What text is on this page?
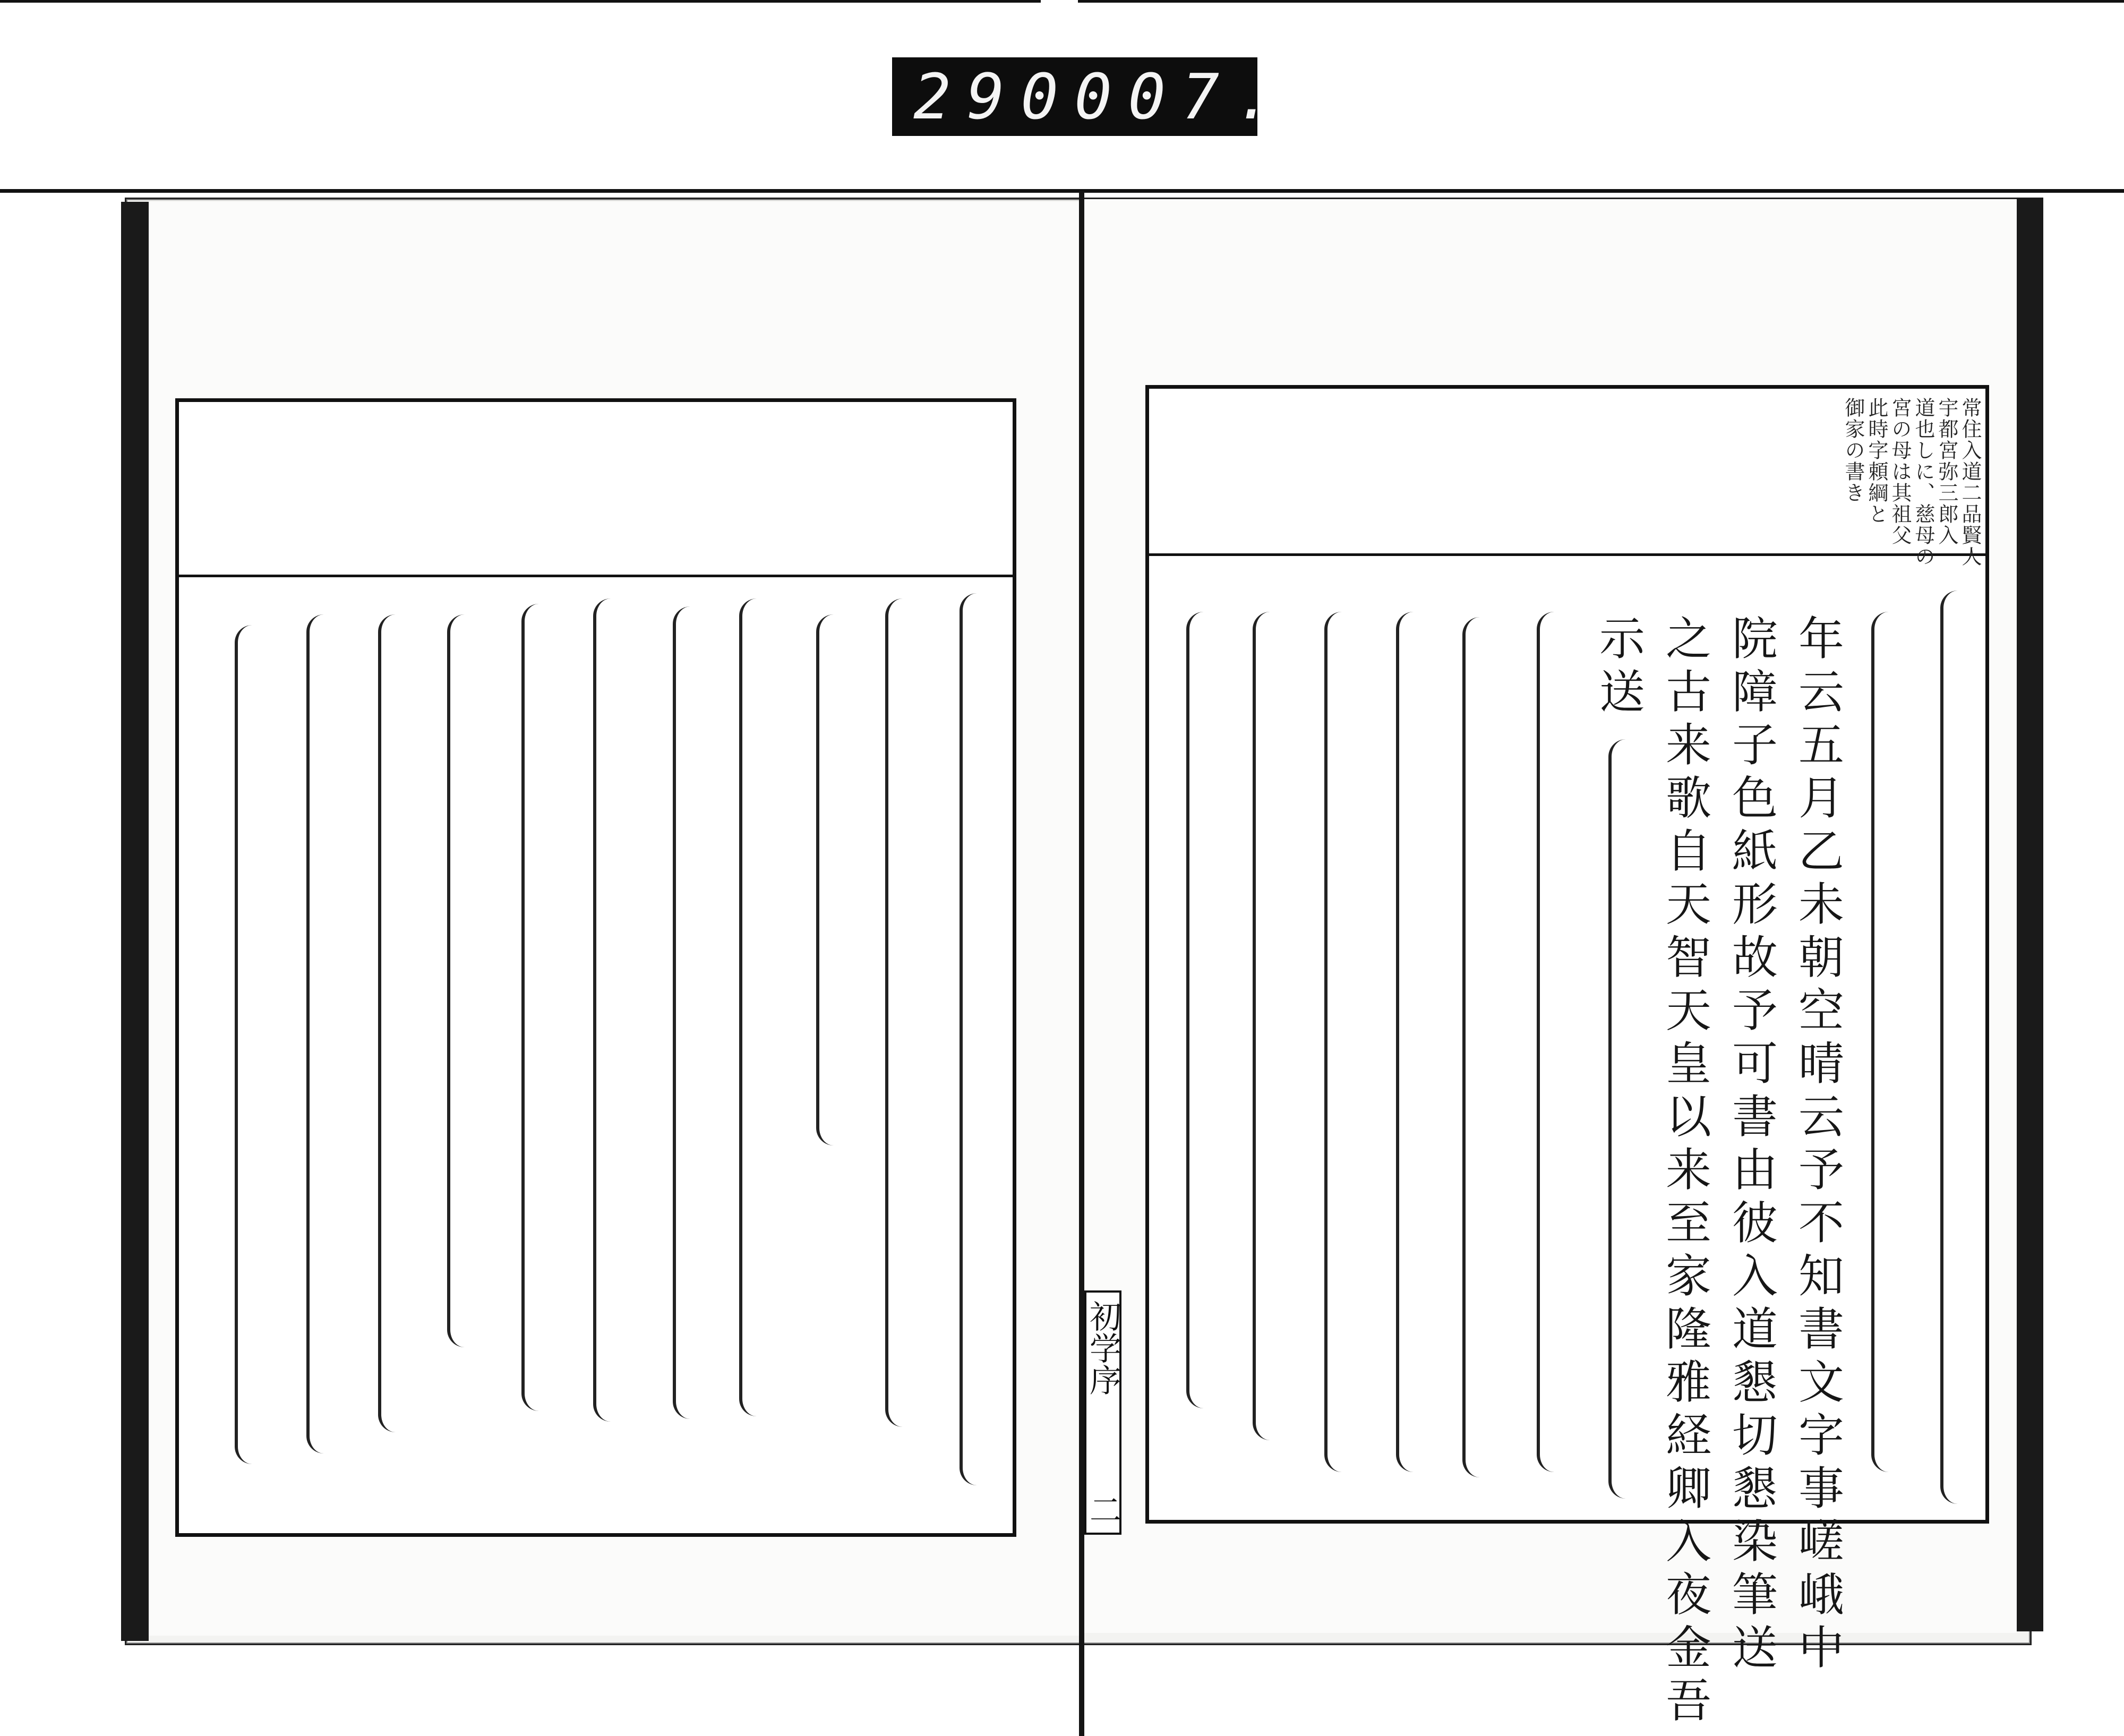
290 007.
常住入道二品賢人
宇都宮弥三郎入
道也しに、慈母の
宮の母は其祖父
此時字頼綱と
御家の書き
年云五月乙未朝空晴云予不知書文字事嵯峨中
院障子色紙形故予可書由彼入道懇切懇染筆送
之古来歌自天智天皇以来至家隆雅経卿入夜金吾
示送
初学序
二
